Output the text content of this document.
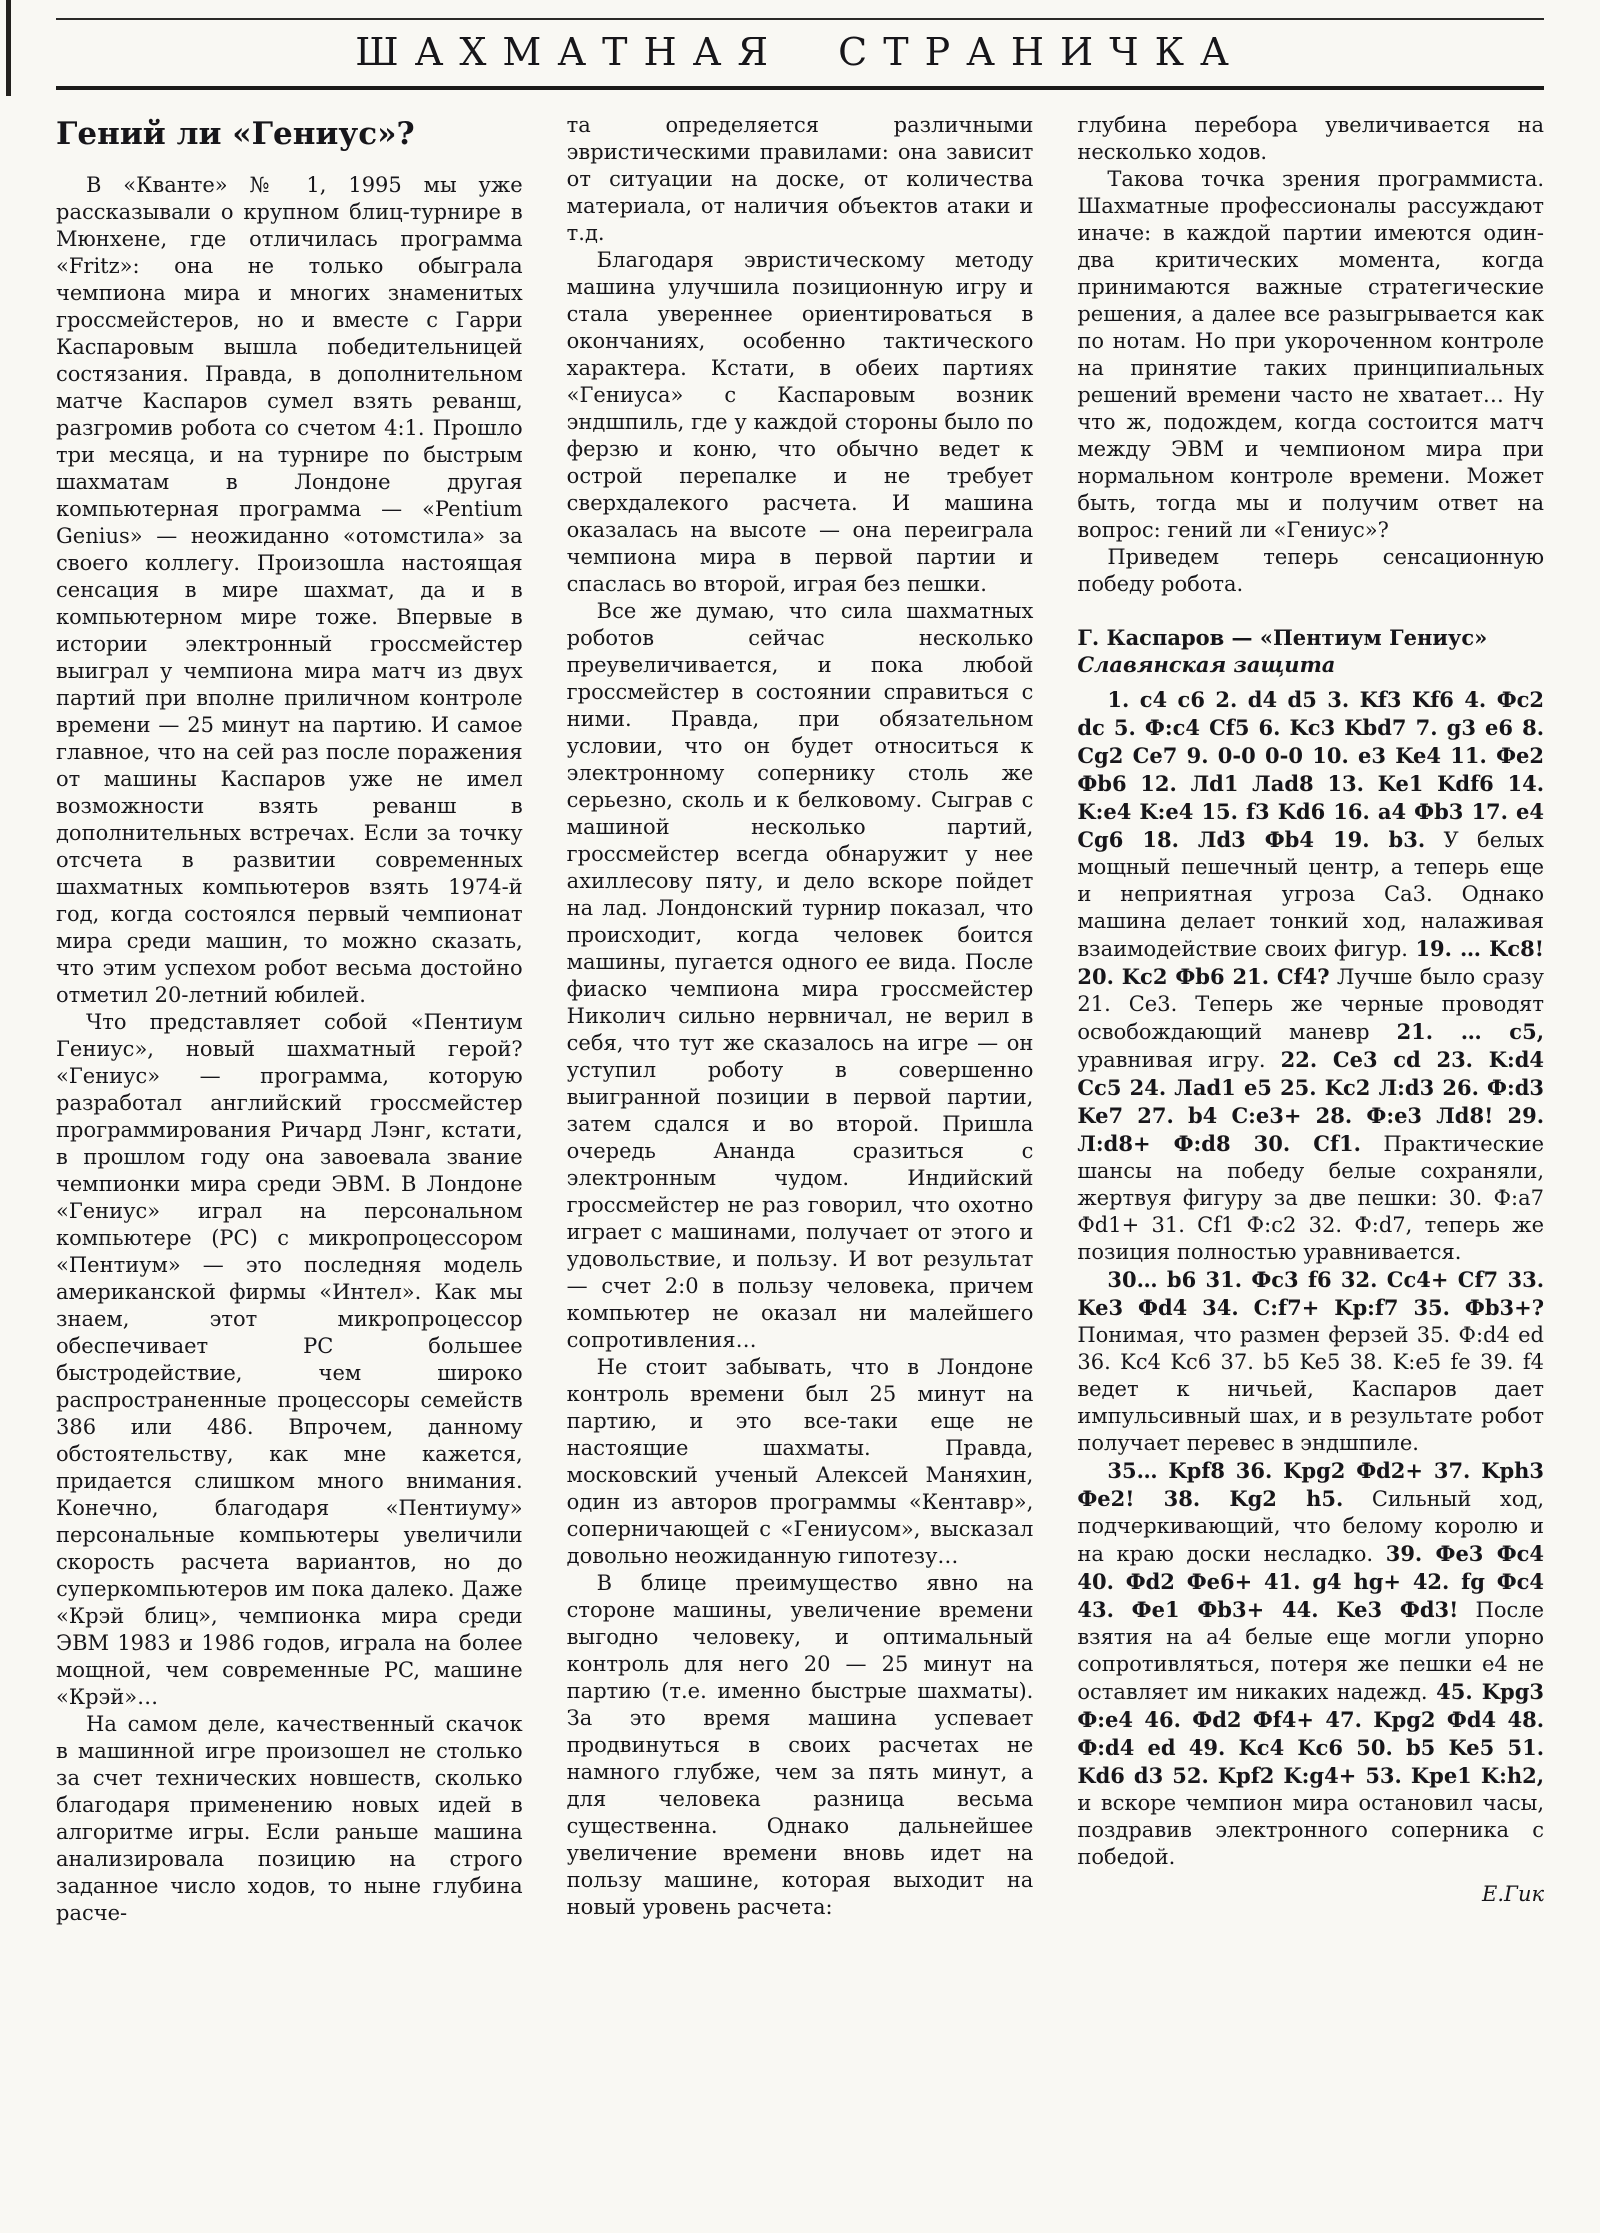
ШАХМАТНАЯ СТРАНИЧКА
Гений ли «Гениус»?

В «Кванте» № 1, 1995 мы уже рассказывали о крупном блиц-турнире в Мюнхене, где отличилась программа «Fritz»: она не только обыграла чемпиона мира и многих знаменитых гроссмейстеров, но и вместе с Гарри Каспаровым вышла победительницей состязания. Правда, в дополнительном матче Каспаров сумел взять реванш, разгромив робота со счетом 4:1. Прошло три месяца, и на турнире по быстрым шахматам в Лондоне другая компьютерная программа — «Pentium Genius» — неожиданно «отомстила» за своего коллегу. Произошла настоящая сенсация в мире шахмат, да и в компьютерном мире тоже. Впервые в истории электронный гроссмейстер выиграл у чемпиона мира матч из двух партий при вполне приличном контроле времени — 25 минут на партию. И самое главное, что на сей раз после поражения от машины Каспаров уже не имел возможности взять реванш в дополнительных встречах. Если за точку отсчета в развитии современных шахматных компьютеров взять 1974-й год, когда состоялся первый чемпионат мира среди машин, то можно сказать, что этим успехом робот весьма достойно отметил 20-летний юбилей.

Что представляет собой «Пентиум Гениус», новый шахматный герой? «Гениус» — программа, которую разработал английский гроссмейстер программирования Ричард Лэнг, кстати, в прошлом году она завоевала звание чемпионки мира среди ЭВМ. В Лондоне «Гениус» играл на персональном компьютере (PC) с микропроцессором «Пентиум» — это последняя модель американской фирмы «Интел». Как мы знаем, этот микропроцессор обеспечивает PC большее быстродействие, чем широко распространенные процессоры семейств 386 или 486. Впрочем, данному обстоятельству, как мне кажется, придается слишком много внимания. Конечно, благодаря «Пентиуму» персональные компьютеры увеличили скорость расчета вариантов, но до суперкомпьютеров им пока далеко. Даже «Крэй блиц», чемпионка мира среди ЭВМ 1983 и 1986 годов, играла на более мощной, чем современные PC, машине «Крэй»…

На самом деле, качественный скачок в машинной игре произошел не столько за счет технических новшеств, сколько благодаря применению новых идей в алгоритме игры. Если раньше машина анализировала позицию на строго заданное число ходов, то ныне глубина расче-

та определяется различными эвристическими правилами: она зависит от ситуации на доске, от количества материала, от наличия объектов атаки и т.д.

Благодаря эвристическому методу машина улучшила позиционную игру и стала увереннее ориентироваться в окончаниях, особенно тактического характера. Кстати, в обеих партиях «Гениуса» с Каспаровым возник эндшпиль, где у каждой стороны было по ферзю и коню, что обычно ведет к острой перепалке и не требует сверхдалекого расчета. И машина оказалась на высоте — она переиграла чемпиона мира в первой партии и спаслась во второй, играя без пешки.

Все же думаю, что сила шахматных роботов сейчас несколько преувеличивается, и пока любой гроссмейстер в состоянии справиться с ними. Правда, при обязательном условии, что он будет относиться к электронному сопернику столь же серьезно, сколь и к белковому. Сыграв с машиной несколько партий, гроссмейстер всегда обнаружит у нее ахиллесову пяту, и дело вскоре пойдет на лад. Лондонский турнир показал, что происходит, когда человек боится машины, пугается одного ее вида. После фиаско чемпиона мира гроссмейстер Николич сильно нервничал, не верил в себя, что тут же сказалось на игре — он уступил роботу в совершенно выигранной позиции в первой партии, затем сдался и во второй. Пришла очередь Ананда сразиться с электронным чудом. Индийский гроссмейстер не раз говорил, что охотно играет с машинами, получает от этого и удовольствие, и пользу. И вот результат — счет 2:0 в пользу человека, причем компьютер не оказал ни малейшего сопротивления…

Не стоит забывать, что в Лондоне контроль времени был 25 минут на партию, и это все-таки еще не настоящие шахматы. Правда, московский ученый Алексей Маняхин, один из авторов программы «Кентавр», соперничающей с «Гениусом», высказал довольно неожиданную гипотезу…

В блице преимущество явно на стороне машины, увеличение времени выгодно человеку, и оптимальный контроль для него 20 — 25 минут на партию (т.е. именно быстрые шахматы). За это время машина успевает продвинуться в своих расчетах не намного глубже, чем за пять минут, а для человека разница весьма существенна. Однако дальнейшее увеличение времени вновь идет на пользу машине, которая выходит на новый уровень расчета:

глубина перебора увеличивается на несколько ходов.

Такова точка зрения программиста. Шахматные профессионалы рассуждают иначе: в каждой партии имеются один-два критических момента, когда принимаются важные стратегические решения, а далее все разыгрывается как по нотам. Но при укороченном контроле на принятие таких принципиальных решений времени часто не хватает… Ну что ж, подождем, когда состоится матч между ЭВМ и чемпионом мира при нормальном контроле времени. Может быть, тогда мы и получим ответ на вопрос: гений ли «Гениус»?

Приведем теперь сенсационную победу робота.

Г. Каспаров — «Пентиум Гениус»

Славянская защита

1. c4 c6 2. d4 d5 3. Kf3 Kf6 4. Фc2 dc 5. Ф:c4 Cf5 6. Kc3 Kbd7 7. g3 e6 8. Cg2 Ce7 9. 0-0 0-0 10. e3 Ke4 11. Фe2 Фb6 12. Лd1 Лad8 13. Ke1 Kdf6 14. K:e4 K:e4 15. f3 Kd6 16. a4 Фb3 17. e4 Cg6 18. Лd3 Фb4 19. b3. У белых мощный пешечный центр, а теперь еще и неприятная угроза Ca3. Однако машина делает тонкий ход, налаживая взаимодействие своих фигур. 19. … Kc8! 20. Kc2 Фb6 21. Cf4? Лучше было сразу 21. Ce3. Теперь же черные проводят освобождающий маневр 21. … c5, уравнивая игру. 22. Ce3 cd 23. K:d4 Cc5 24. Лad1 e5 25. Kc2 Л:d3 26. Ф:d3 Ke7 27. b4 C:e3+ 28. Ф:e3 Лd8! 29. Л:d8+ Ф:d8 30. Cf1. Практические шансы на победу белые сохраняли, жертвуя фигуру за две пешки: 30. Ф:a7 Фd1+ 31. Cf1 Ф:c2 32. Ф:d7, теперь же позиция полностью уравнивается.

30… b6 31. Фc3 f6 32. Cc4+ Cf7 33. Ke3 Фd4 34. C:f7+ Kp:f7 35. Фb3+? Понимая, что размен ферзей 35. Ф:d4 ed 36. Kc4 Kc6 37. b5 Ke5 38. K:e5 fe 39. f4 ведет к ничьей, Каспаров дает импульсивный шах, и в результате робот получает перевес в эндшпиле.

35… Kpf8 36. Kpg2 Фd2+ 37. Kph3 Фe2! 38. Kg2 h5. Сильный ход, подчеркивающий, что белому королю и на краю доски несладко. 39. Фe3 Фc4 40. Фd2 Фe6+ 41. g4 hg+ 42. fg Фc4 43. Фe1 Фb3+ 44. Ke3 Фd3! После взятия на a4 белые еще могли упорно сопротивляться, потеря же пешки e4 не оставляет им никаких надежд. 45. Kpg3 Ф:e4 46. Фd2 Фf4+ 47. Kpg2 Фd4 48. Ф:d4 ed 49. Kc4 Kc6 50. b5 Ke5 51. Kd6 d3 52. Kpf2 K:g4+ 53. Kpe1 K:h2, и вскоре чемпион мира остановил часы, поздравив электронного соперника с победой.

Е.Гик
